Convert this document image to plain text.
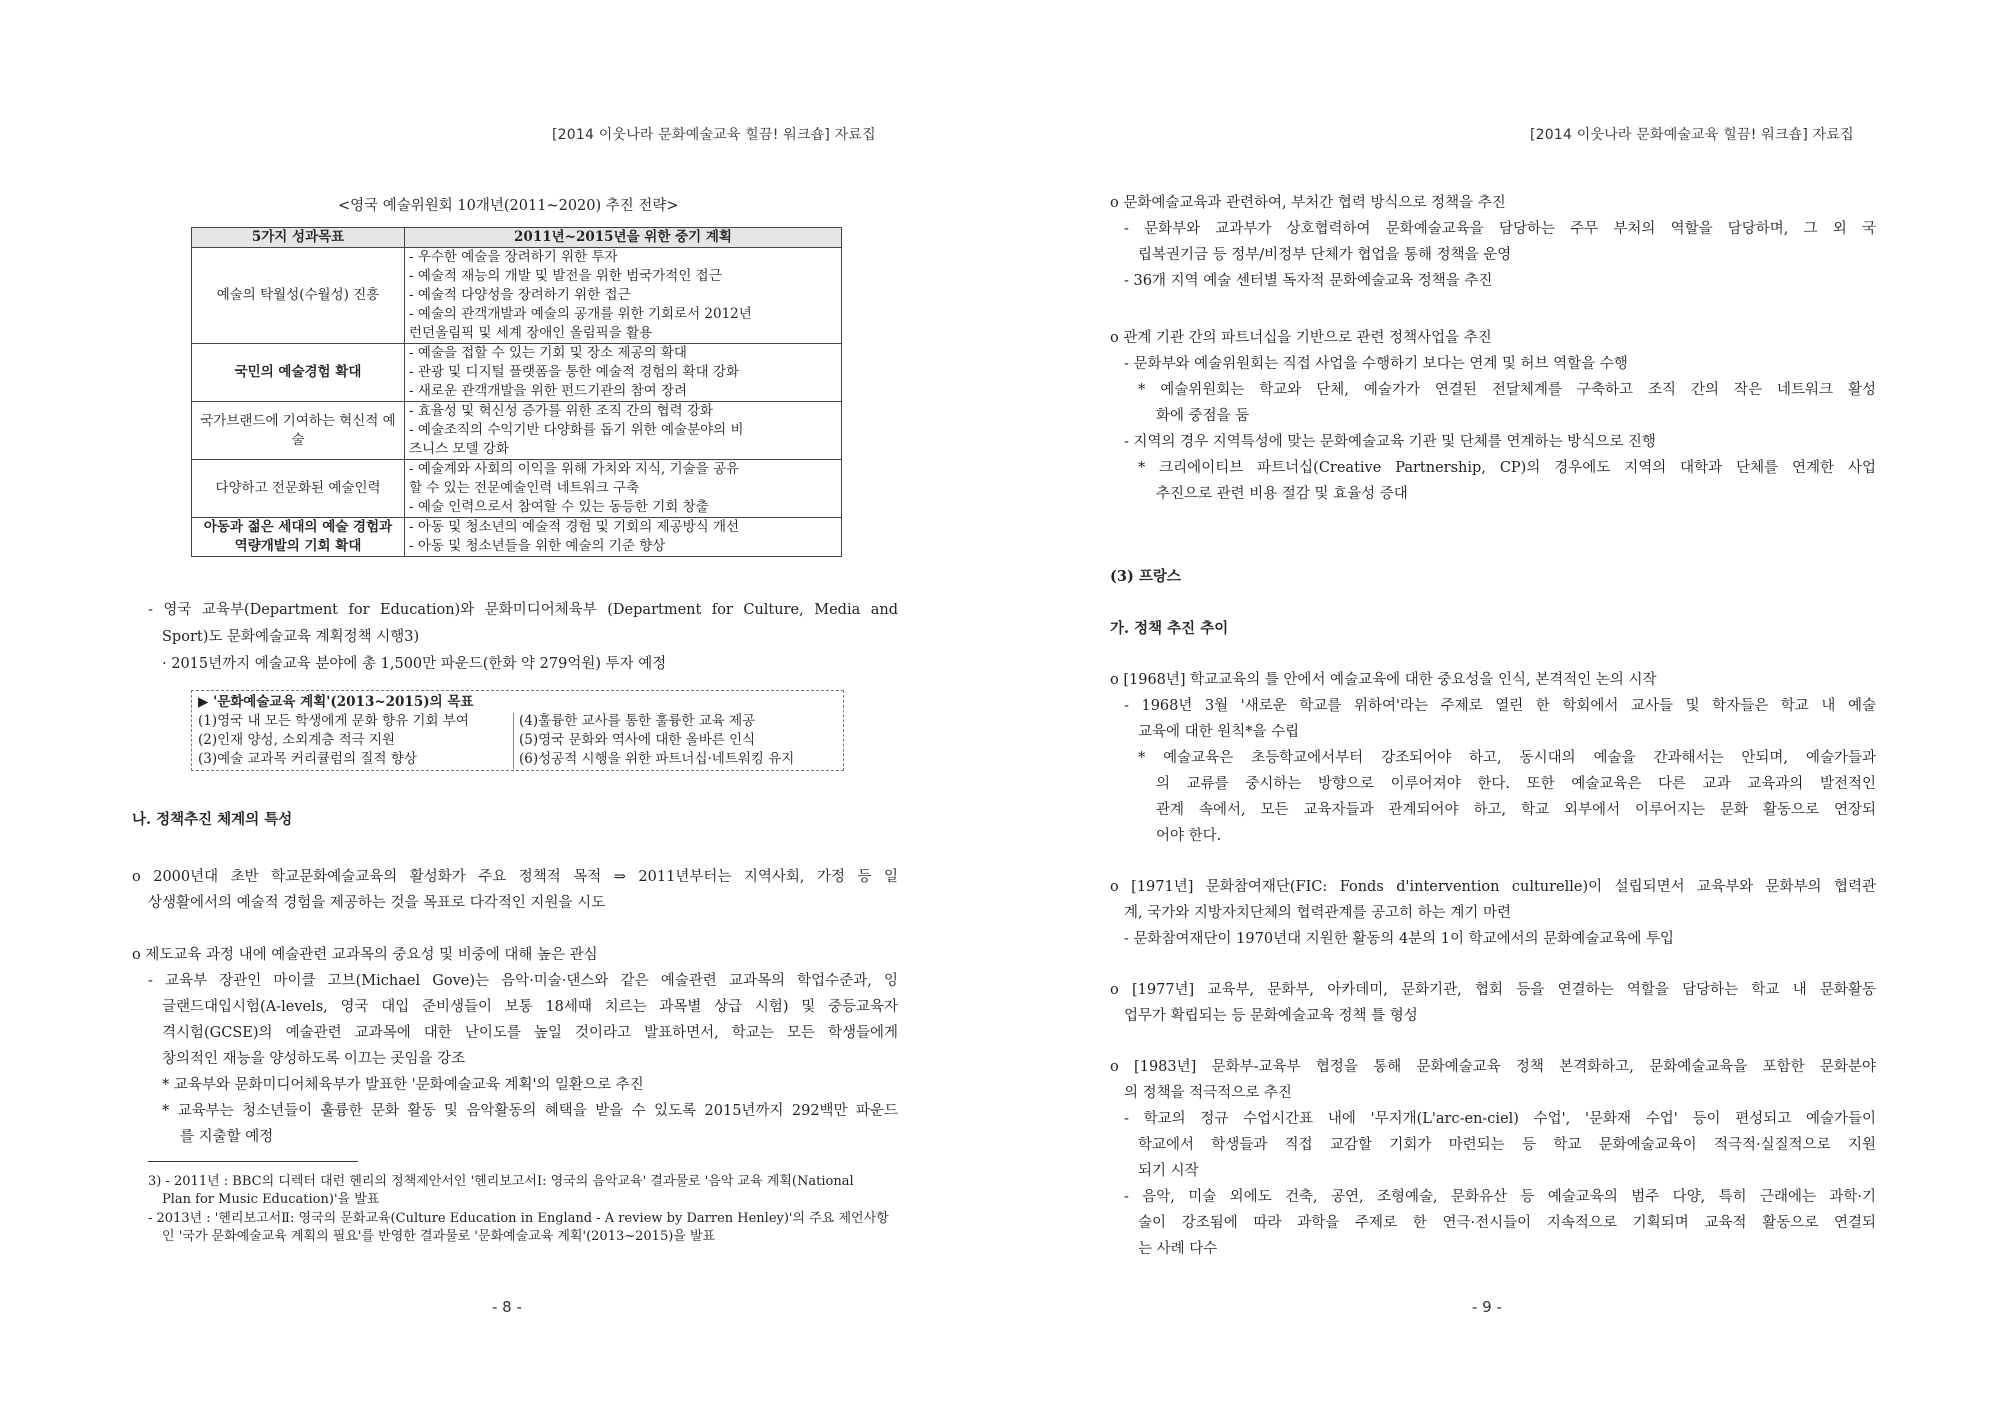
[2014 이웃나라 문화예술교육 힐끔! 워크숍] 자료집
<영국 예술위원회 10개년(2011~2020) 추진 전략>
5가지 성과목표	2011년~2015년을 위한 중기 계획
예술의 탁월성(수월성) 진흥	- 우수한 예술을 장려하기 위한 투자
- 예술적 재능의 개발 및 발전을 위한 범국가적인 접근
- 예술적 다양성을 장려하기 위한 접근
- 예술의 관객개발과 예술의 공개를 위한 기회로서 2012년
런던올림픽 및 세계 장애인 올림픽을 활용

국민의 예술경험 확대	- 예술을 접할 수 있는 기회 및 장소 제공의 확대
- 관광 및 디지털 플랫폼을 통한 예술적 경험의 확대 강화
- 새로운 관객개발을 위한 펀드기관의 참여 장려

국가브랜드에 기여하는 혁신적 예술	- 효율성 및 혁신성 증가를 위한 조직 간의 협력 강화
- 예술조직의 수익기반 다양화를 돕기 위한 예술분야의 비
즈니스 모델 강화

다양하고 전문화된 예술인력	- 예술계와 사회의 이익을 위해 가치와 지식, 기술을 공유
할 수 있는 전문예술인력 네트워크 구축
- 예술 인력으로서 참여할 수 있는 동등한 기회 창출

아동과 젊은 세대의 예술 경험과 역량개발의 기회 확대	- 아동 및 청소년의 예술적 경험 및 기회의 제공방식 개선
- 아동 및 청소년들을 위한 예술의 기준 향상
- 영국 교육부(Department for Education)와 문화미디어체육부 (Department for Culture, Media and
Sport)도 문화예술교육 계획정책 시행3)
· 2015년까지 예술교육 분야에 총 1,500만 파운드(한화 약 279억원) 투자 예정
▶ '문화예술교육 계획'(2013~2015)의 목표
(1)영국 내 모든 학생에게 문화 향유 기회 부여
(2)인재 양성, 소외계층 적극 지원
(3)예술 교과목 커리큘럼의 질적 향상
(4)훌륭한 교사를 통한 훌륭한 교육 제공
(5)영국 문화와 역사에 대한 올바른 인식
(6)성공적 시행을 위한 파트너십·네트워킹 유지
나. 정책추진 체계의 특성
o 2000년대 초반 학교문화예술교육의 활성화가 주요 정책적 목적 ⇒ 2011년부터는 지역사회, 가정 등 일
상생활에서의 예술적 경험을 제공하는 것을 목표로 다각적인 지원을 시도
o 제도교육 과정 내에 예술관련 교과목의 중요성 및 비중에 대해 높은 관심
- 교육부 장관인 마이클 고브(Michael Gove)는 음악·미술·댄스와 같은 예술관련 교과목의 학업수준과, 잉
글랜드대입시험(A-levels, 영국 대입 준비생들이 보통 18세때 치르는 과목별 상급 시험) 및 중등교육자
격시험(GCSE)의 예술관련 교과목에 대한 난이도를 높일 것이라고 발표하면서, 학교는 모든 학생들에게
창의적인 재능을 양성하도록 이끄는 곳임을 강조
* 교육부와 문화미디어체육부가 발표한 '문화예술교육 계획'의 일환으로 추진
* 교육부는 청소년들이 훌륭한 문화 활동 및 음악활동의 혜택을 받을 수 있도록 2015년까지 292백만 파운드
를 지출할 예정
3) - 2011년 : BBC의 디렉터 대런 헨리의 정책제안서인 '헨리보고서Ⅰ: 영국의 음악교육' 결과물로 '음악 교육 계획(National
Plan for Music Education)'을 발표
- 2013년 : '헨리보고서Ⅱ: 영국의 문화교육(Culture Education in England - A review by Darren Henley)'의 주요 제언사항
인 '국가 문화예술교육 계획의 필요'를 반영한 결과물로 '문화예술교육 계획'(2013~2015)을 발표
- 8 -
[2014 이웃나라 문화예술교육 힐끔! 워크숍] 자료집
o 문화예술교육과 관련하여, 부처간 협력 방식으로 정책을 추진
- 문화부와 교과부가 상호협력하여 문화예술교육을 담당하는 주무 부처의 역할을 담당하며, 그 외 국
립복권기금 등 정부/비정부 단체가 협업을 통해 정책을 운영
- 36개 지역 예술 센터별 독자적 문화예술교육 정책을 추진
o 관계 기관 간의 파트너십을 기반으로 관련 정책사업을 추진
- 문화부와 예술위원회는 직접 사업을 수행하기 보다는 연계 및 허브 역할을 수행
* 예술위원회는 학교와 단체, 예술가가 연결된 전달체계를 구축하고 조직 간의 작은 네트워크 활성
화에 중점을 둠
- 지역의 경우 지역특성에 맞는 문화예술교육 기관 및 단체를 연계하는 방식으로 진행
* 크리에이티브 파트너십(Creative Partnership, CP)의 경우에도 지역의 대학과 단체를 연계한 사업
추진으로 관련 비용 절감 및 효율성 증대
(3) 프랑스
가. 정책 추진 추이
o [1968년] 학교교육의 틀 안에서 예술교육에 대한 중요성을 인식, 본격적인 논의 시작
- 1968년 3월 '새로운 학교를 위하여'라는 주제로 열린 한 학회에서 교사들 및 학자들은 학교 내 예술
교육에 대한 원칙*을 수립
* 예술교육은 초등학교에서부터 강조되어야 하고, 동시대의 예술을 간과해서는 안되며, 예술가들과
의 교류를 중시하는 방향으로 이루어져야 한다. 또한 예술교육은 다른 교과 교육과의 발전적인
관계 속에서, 모든 교육자들과 관계되어야 하고, 학교 외부에서 이루어지는 문화 활동으로 연장되
어야 한다.
o [1971년] 문화참여재단(FIC: Fonds d'intervention culturelle)이 설립되면서 교육부와 문화부의 협력관
계, 국가와 지방자치단체의 협력관계를 공고히 하는 계기 마련
- 문화참여재단이 1970년대 지원한 활동의 4분의 1이 학교에서의 문화예술교육에 투입
o [1977년] 교육부, 문화부, 아카데미, 문화기관, 협회 등을 연결하는 역할을 담당하는 학교 내 문화활동
업무가 확립되는 등 문화예술교육 정책 틀 형성
o [1983년] 문화부-교육부 협정을 통해 문화예술교육 정책 본격화하고, 문화예술교육을 포함한 문화분야
의 정책을 적극적으로 추진
- 학교의 정규 수업시간표 내에 '무지개(L'arc-en-ciel) 수업', '문화재 수업' 등이 편성되고 예술가들이
학교에서 학생들과 직접 교감할 기회가 마련되는 등 학교 문화예술교육이 적극적·실질적으로 지원
되기 시작
- 음악, 미술 외에도 건축, 공연, 조형예술, 문화유산 등 예술교육의 범주 다양, 특히 근래에는 과학·기
술이 강조됨에 따라 과학을 주제로 한 연극·전시들이 지속적으로 기획되며 교육적 활동으로 연결되
는 사례 다수
- 9 -
